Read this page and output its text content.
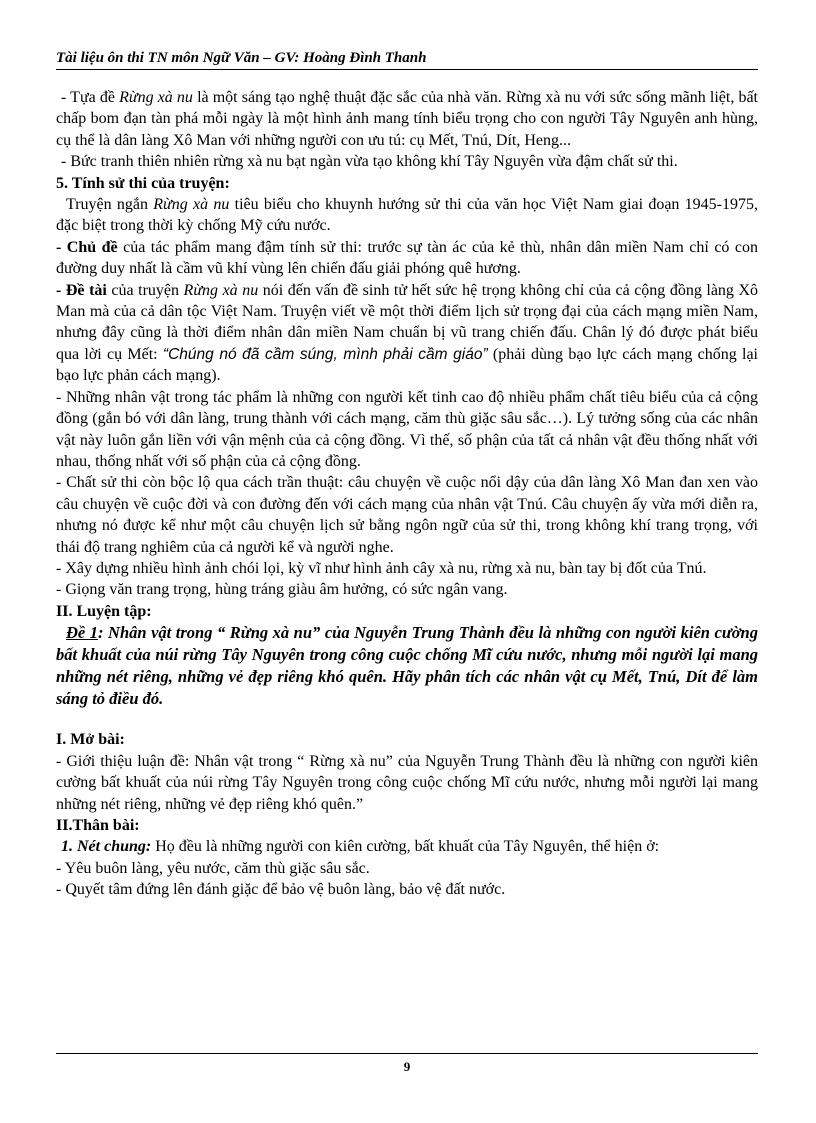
Tài liệu ôn thi TN môn Ngữ Văn – GV: Hoàng Đình Thanh

- Tựa đề Rừng xà nu là một sáng tạo nghệ thuật đặc sắc của nhà văn. Rừng xà nu với sức sống mãnh liệt, bất chấp bom đạn tàn phá mỗi ngày là một hình ảnh mang tính biểu trọng cho con người Tây Nguyên anh hùng, cụ thể là dân làng Xô Man với những người con ưu tú: cụ Mết, Tnú, Dít, Heng...

- Bức tranh thiên nhiên rừng xà nu bạt ngàn vừa tạo không khí Tây Nguyên vừa đậm chất sử thi.

5. Tính sử thi của truyện:

Truyện ngắn Rừng xà nu tiêu biểu cho khuynh hướng sử thi của văn học Việt Nam giai đoạn 1945-1975, đặc biệt trong thời kỳ chống Mỹ cứu nước.

- Chủ đề của tác phẩm mang đậm tính sử thi: trước sự tàn ác của kẻ thù, nhân dân miền Nam chỉ có con đường duy nhất là cầm vũ khí vùng lên chiến đấu giải phóng quê hương.

- Đề tài của truyện Rừng xà nu nói đến vấn đề sinh tử hết sức hệ trọng không chỉ của cả cộng đồng làng Xô Man mà của cả dân tộc Việt Nam. Truyện viết về một thời điểm lịch sử trọng đại của cách mạng miền Nam, nhưng đây cũng là thời điểm nhân dân miền Nam chuẩn bị vũ trang chiến đấu. Chân lý đó được phát biểu qua lời cụ Mết: “Chúng nó đã cầm súng, mình phải cầm giáo” (phải dùng bạo lực cách mạng chống lại bạo lực phản cách mạng).

- Những nhân vật trong tác phẩm là những con người kết tinh cao độ nhiều phẩm chất tiêu biểu của cả cộng đồng (gắn bó với dân làng, trung thành với cách mạng, căm thù giặc sâu sắc…). Lý tưởng sống của các nhân vật này luôn gắn liền với vận mệnh của cả cộng đồng. Vì thế, số phận của tất cả nhân vật đều thống nhất với nhau, thống nhất với số phận của cả cộng đồng.

- Chất sử thi còn bộc lộ qua cách trần thuật: câu chuyện về cuộc nổi dậy của dân làng Xô Man đan xen vào câu chuyện về cuộc đời và con đường đến với cách mạng của nhân vật Tnú. Câu chuyện ấy vừa mới diễn ra, nhưng nó được kể như một câu chuyện lịch sử bằng ngôn ngữ của sử thi, trong không khí trang trọng, với thái độ trang nghiêm của cả người kể và người nghe.

- Xây dựng nhiều hình ảnh chói lọi, kỳ vĩ như hình ảnh cây xà nu, rừng xà nu, bàn tay bị đốt của Tnú.

- Giọng văn trang trọng, hùng tráng giàu âm hưởng, có sức ngân vang.

II. Luyện tập:

Đề 1: Nhân vật trong “ Rừng xà nu” của Nguyễn Trung Thành đều là những con người kiên cường bất khuất của núi rừng Tây Nguyên trong công cuộc chống Mĩ cứu nước, nhưng mỗi người lại mang những nét riêng, những vẻ đẹp riêng khó quên. Hãy phân tích các nhân vật cụ Mết, Tnú, Dít để làm sáng tỏ điều đó.

I. Mở bài:

- Giới thiệu luận đề: Nhân vật trong “ Rừng xà nu” của Nguyễn Trung Thành đều là những con người kiên cường bất khuất của núi rừng Tây Nguyên trong công cuộc chống Mĩ cứu nước, nhưng mỗi người lại mang những nét riêng, những vẻ đẹp riêng khó quên.”

II.Thân bài:

1. Nét chung: Họ đều là những người con kiên cường, bất khuất của Tây Nguyên, thể hiện ở:

- Yêu buôn làng, yêu nước, căm thù giặc sâu sắc.

- Quyết tâm đứng lên đánh giặc để bảo vệ buôn làng, bảo vệ đất nước.

9
